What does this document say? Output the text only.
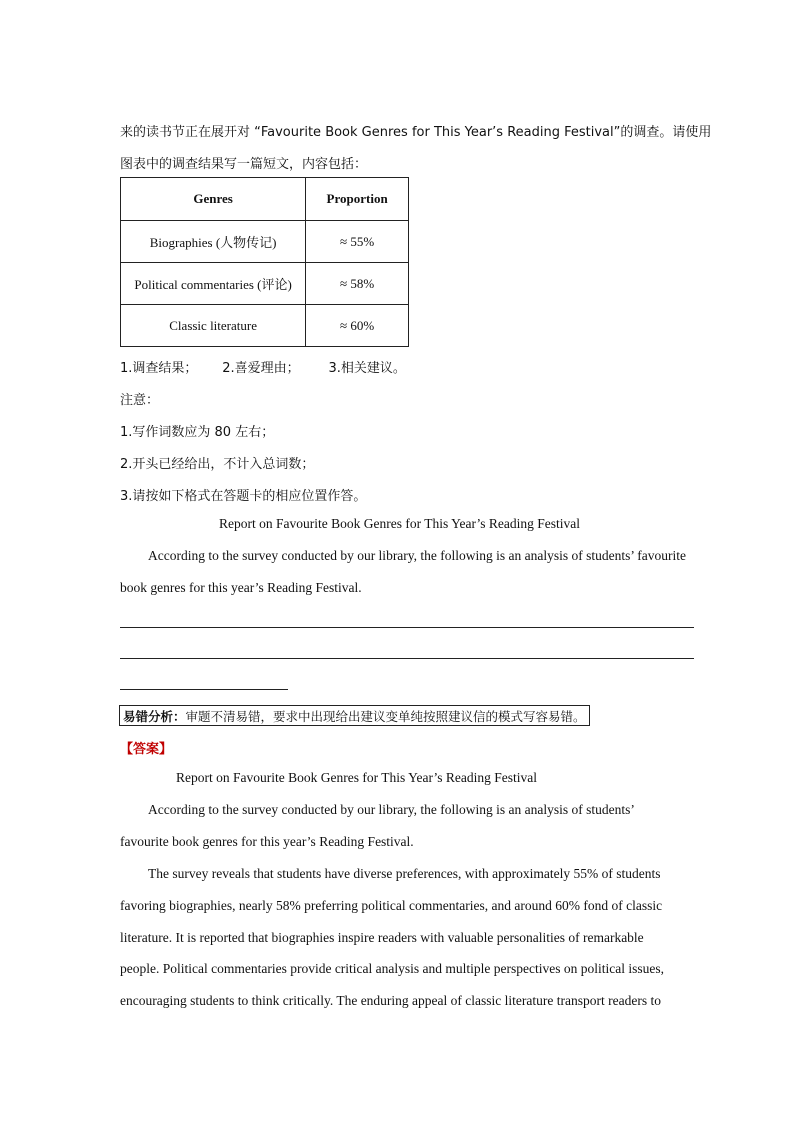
来的读书节正在展开对 “Favourite Book Genres for This Year’s Reading Festival”的调查。请使用
图表中的调查结果写一篇短文，内容包括：
Genres	Proportion
Biographies (人物传记)	≈ 55%
Political commentaries (评论)	≈ 58%
Classic literature	≈ 60%
1.调查结果；      2.喜爱理由；       3.相关建议。
注意：
1.写作词数应为 80 左右；
2.开头已经给出，不计入总词数；
3.请按如下格式在答题卡的相应位置作答。
Report on Favourite Book Genres for This Year’s Reading Festival
According to the survey conducted by our library, the following is an analysis of students’ favourite
book genres for this year’s Reading Festival.
易错分析：审题不清易错，要求中出现给出建议变单纯按照建议信的模式写容易错。
【答案】
Report on Favourite Book Genres for This Year’s Reading Festival
According to the survey conducted by our library, the following is an analysis of students’
favourite book genres for this year’s Reading Festival.
The survey reveals that students have diverse preferences, with approximately 55% of students
favoring biographies, nearly 58% preferring political commentaries, and around 60% fond of classic
literature. It is reported that biographies inspire readers with valuable personalities of remarkable
people. Political commentaries provide critical analysis and multiple perspectives on political issues,
encouraging students to think critically. The enduring appeal of classic literature transport readers to
